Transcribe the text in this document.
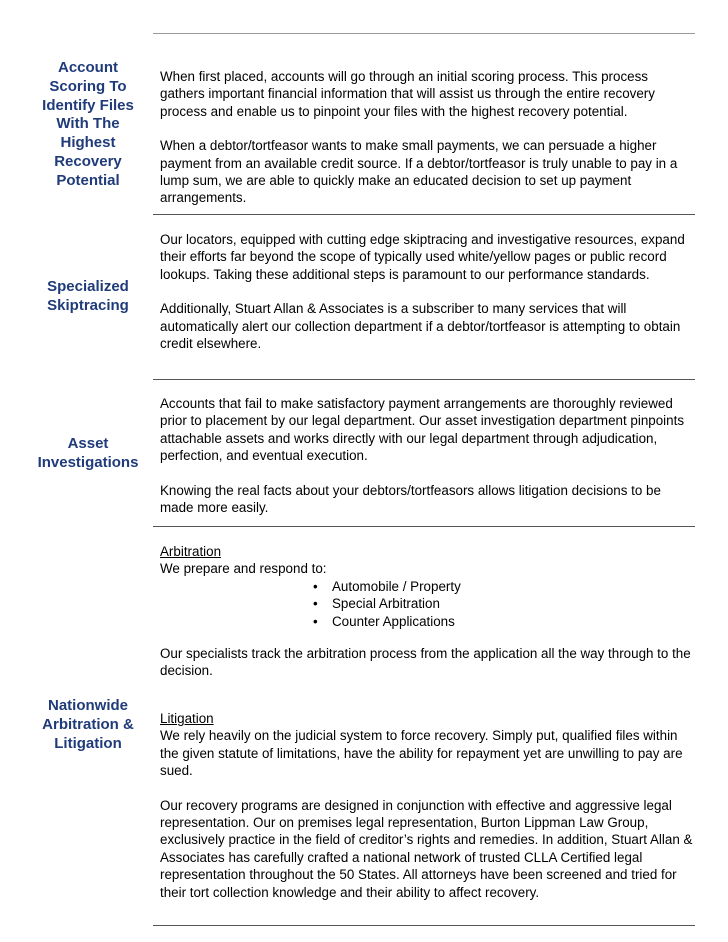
Account
Scoring To
Identify Files
With The
Highest
Recovery
Potential

When first placed, accounts will go through an initial scoring process. This process gathers important financial information that will assist us through the entire recovery process and enable us to pinpoint your files with the highest recovery potential.

When a debtor/tortfeasor wants to make small payments, we can persuade a higher payment from an available credit source. If a debtor/tortfeasor is truly unable to pay in a lump sum, we are able to quickly make an educated decision to set up payment arrangements.

Specialized
Skiptracing

Our locators, equipped with cutting edge skiptracing and investigative resources, expand their efforts far beyond the scope of typically used white/yellow pages or public record lookups. Taking these additional steps is paramount to our performance standards.

Additionally, Stuart Allan & Associates is a subscriber to many services that will automatically alert our collection department if a debtor/tortfeasor is attempting to obtain credit elsewhere.

Asset
Investigations

Accounts that fail to make satisfactory payment arrangements are thoroughly reviewed prior to placement by our legal department. Our asset investigation department pinpoints attachable assets and works directly with our legal department through adjudication, perfection, and eventual execution.

Knowing the real facts about your debtors/tortfeasors allows litigation decisions to be made more easily.

Nationwide
Arbitration &
Litigation
Arbitration
We prepare and respond to:
• Automobile / Property
• Special Arbitration
• Counter Applications

Our specialists track the arbitration process from the application all the way through to the decision.

Litigation

We rely heavily on the judicial system to force recovery. Simply put, qualified files within the given statute of limitations, have the ability for repayment yet are unwilling to pay are sued.

Our recovery programs are designed in conjunction with effective and aggressive legal representation. Our on premises legal representation, Burton Lippman Law Group, exclusively practice in the field of creditor’s rights and remedies. In addition, Stuart Allan & Associates has carefully crafted a national network of trusted CLLA Certified legal representation throughout the 50 States. All attorneys have been screened and tried for their tort collection knowledge and their ability to affect recovery.
